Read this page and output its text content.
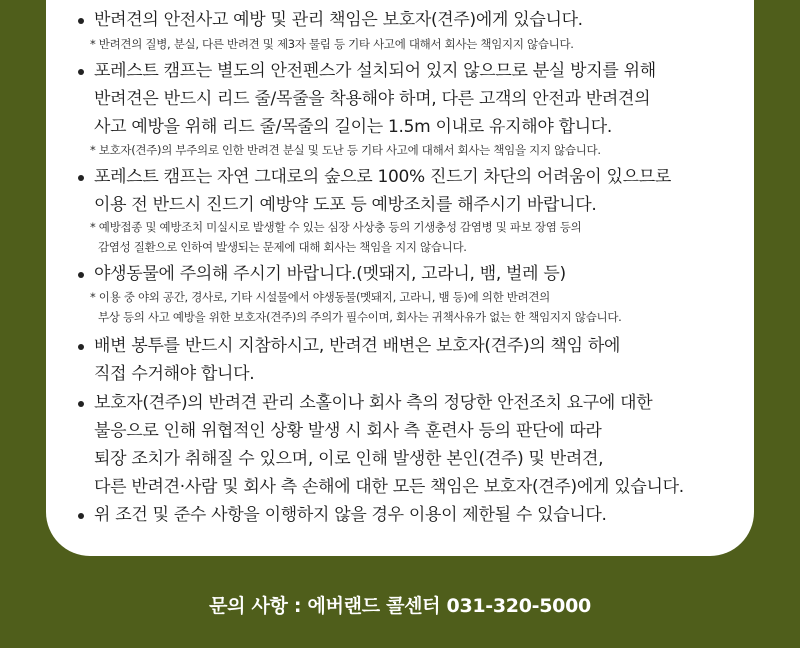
반려견의 안전사고 예방 및 관리 책임은 보호자(견주)에게 있습니다.
* 반려견의 질병, 분실, 다른 반려견 및 제3자 물림 등 기타 사고에 대해서 회사는 책임지지 않습니다.
포레스트 캠프는 별도의 안전펜스가 설치되어 있지 않으므로 분실 방지를 위해
반려견은 반드시 리드 줄/목줄을 착용해야 하며, 다른 고객의 안전과 반려견의
사고 예방을 위해 리드 줄/목줄의 길이는 1.5m 이내로 유지해야 합니다.
* 보호자(견주)의 부주의로 인한 반려견 분실 및 도난 등 기타 사고에 대해서 회사는 책임을 지지 않습니다.
포레스트 캠프는 자연 그대로의 숲으로 100% 진드기 차단의 어려움이 있으므로
이용 전 반드시 진드기 예방약 도포 등 예방조치를 해주시기 바랍니다.
* 예방접종 및 예방조치 미실시로 발생할 수 있는 심장 사상충 등의 기생충성 감염병 및 파보 장염 등의
감염성 질환으로 인하여 발생되는 문제에 대해 회사는 책임을 지지 않습니다.
야생동물에 주의해 주시기 바랍니다.(멧돼지, 고라니, 뱀, 벌레 등)
* 이용 중 야외 공간, 경사로, 기타 시설물에서 야생동물(멧돼지, 고라니, 뱀 등)에 의한 반려견의
부상 등의 사고 예방을 위한 보호자(견주)의 주의가 필수이며, 회사는 귀책사유가 없는 한 책임지지 않습니다.
배변 봉투를 반드시 지참하시고, 반려견 배변은 보호자(견주)의 책임 하에
직접 수거해야 합니다.
보호자(견주)의 반려견 관리 소홀이나 회사 측의 정당한 안전조치 요구에 대한
불응으로 인해 위협적인 상황 발생 시 회사 측 훈련사 등의 판단에 따라
퇴장 조치가 취해질 수 있으며, 이로 인해 발생한 본인(견주) 및 반려견,
다른 반려견·사람 및 회사 측 손해에 대한 모든 책임은 보호자(견주)에게 있습니다.
위 조건 및 준수 사항을 이행하지 않을 경우 이용이 제한될 수 있습니다.
문의 사항 : 에버랜드 콜센터 031-320-5000
